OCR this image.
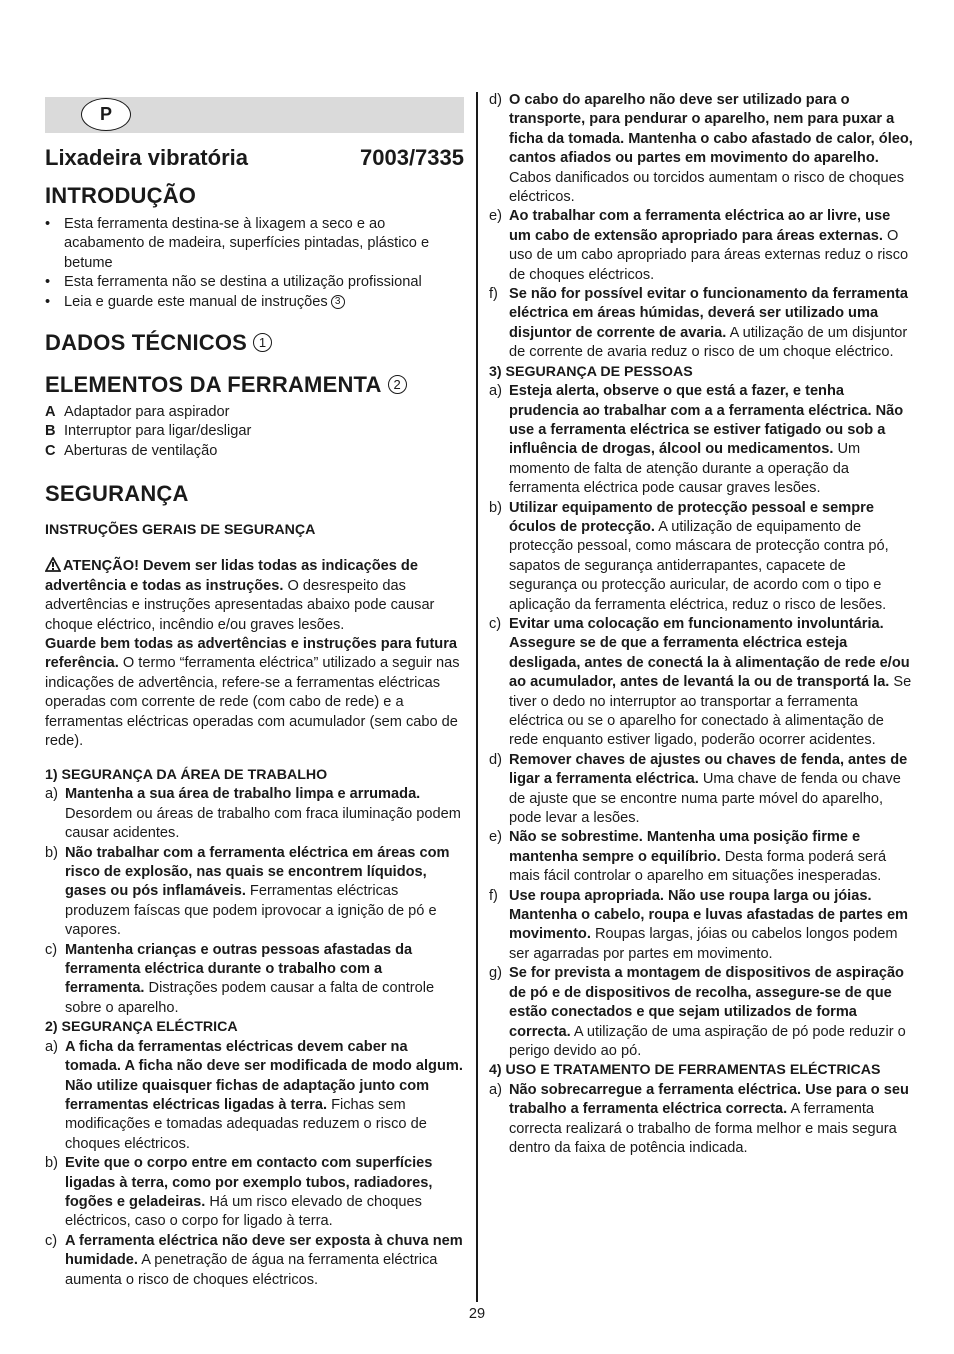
P
Lixadeira vibratória	7003/7335
INTRODUÇÃO
• Esta ferramenta destina-se à lixagem a seco e ao acabamento de madeira, superfícies pintadas, plástico e betume
• Esta ferramenta não se destina a utilização profissional
• Leia e guarde este manual de instruções 3
DADOS TÉCNICOS 1
ELEMENTOS DA FERRAMENTA 2
A Adaptador para aspirador
B Interruptor para ligar/desligar
C Aberturas de ventilação
SEGURANÇA
INSTRUÇÕES GERAIS DE SEGURANÇA
ATENÇÃO! Devem ser lidas todas as indicações de advertência e todas as instruções. O desrespeito das advertências e instruções apresentadas abaixo pode causar choque eléctrico, incêndio e/ou graves lesões.
Guarde bem todas as advertências e instruções para futura referência. O termo “ferramenta eléctrica” utilizado a seguir nas indicações de advertência, refere-se a ferramentas eléctricas operadas com corrente de rede (com cabo de rede) e a ferramentas eléctricas operadas com acumulador (sem cabo de rede).
1) SEGURANÇA DA ÁREA DE TRABALHO
a) Mantenha a sua área de trabalho limpa e arrumada. Desordem ou áreas de trabalho com fraca iluminação podem causar acidentes.
b) Não trabalhar com a ferramenta eléctrica em áreas com risco de explosão, nas quais se encontrem líquidos, gases ou pós inflamáveis. Ferramentas eléctricas produzem faíscas que podem iprovocar a ignição de pó e vapores.
c) Mantenha crianças e outras pessoas afastadas da ferramenta eléctrica durante o trabalho com a ferramenta. Distrações podem causar a falta de controle sobre o aparelho.
2) SEGURANÇA ELÉCTRICA
a) A ficha da ferramentas eléctricas devem caber na tomada. A ficha não deve ser modificada de modo algum. Não utilize quaisquer fichas de adaptação junto com ferramentas eléctricas ligadas à terra. Fichas sem modificações e tomadas adequadas reduzem o risco de choques eléctricos.
b) Evite que o corpo entre em contacto com superfícies ligadas à terra, como por exemplo tubos, radiadores, fogões e geladeiras. Há um risco elevado de choques eléctricos, caso o corpo for ligado à terra.
c) A ferramenta eléctrica não deve ser exposta à chuva nem humidade. A penetração de água na ferramenta eléctrica aumenta o risco de choques eléctricos.
d) O cabo do aparelho não deve ser utilizado para o transporte, para pendurar o aparelho, nem para puxar a ficha da tomada. Mantenha o cabo afastado de calor, óleo, cantos afiados ou partes em movimento do aparelho. Cabos danificados ou torcidos aumentam o risco de choques eléctricos.
e) Ao trabalhar com a ferramenta eléctrica ao ar livre, use um cabo de extensão apropriado para áreas externas. O uso de um cabo apropriado para áreas externas reduz o risco de choques eléctricos.
f) Se não for possível evitar o funcionamento da ferramenta eléctrica em áreas húmidas, deverá ser utilizado uma disjuntor de corrente de avaria. A utilização de um disjuntor de corrente de avaria reduz o risco de um choque eléctrico.
3) SEGURANÇA DE PESSOAS
a) Esteja alerta, observe o que está a fazer, e tenha prudencia ao trabalhar com a a ferramenta eléctrica. Não use a ferramenta eléctrica se estiver fatigado ou sob a influência de drogas, álcool ou medicamentos. Um momento de falta de atenção durante a operação da ferramenta eléctrica pode causar graves lesões.
b) Utilizar equipamento de protecção pessoal e sempre óculos de protecção. A utilização de equipamento de protecção pessoal, como máscara de protecção contra pó, sapatos de segurança antiderrapantes, capacete de segurança ou protecção auricular, de acordo com o tipo e aplicação da ferramenta eléctrica, reduz o risco de lesões.
c) Evitar uma colocação em funcionamento involuntária. Assegure se de que a ferramenta eléctrica esteja desligada, antes de conectá la à alimentação de rede e/ou ao acumulador, antes de levantá la ou de transportá la. Se tiver o dedo no interruptor ao transportar a ferramenta eléctrica ou se o aparelho for conectado à alimentação de rede enquanto estiver ligado, poderão ocorrer acidentes.
d) Remover chaves de ajustes ou chaves de fenda, antes de ligar a ferramenta eléctrica. Uma chave de fenda ou chave de ajuste que se encontre numa parte móvel do aparelho, pode levar a lesões.
e) Não se sobrestime. Mantenha uma posição firme e mantenha sempre o equilíbrio. Desta forma poderá será mais fácil controlar o aparelho em situações inesperadas.
f) Use roupa apropriada. Não use roupa larga ou jóias. Mantenha o cabelo, roupa e luvas afastadas de partes em movimento. Roupas largas, jóias ou cabelos longos podem ser agarradas por partes em movimento.
g) Se for prevista a montagem de dispositivos de aspiração de pó e de dispositivos de recolha, assegure-se de que estão conectados e que sejam utilizados de forma correcta. A utilização de uma aspiração de pó pode reduzir o perigo devido ao pó.
4) USO E TRATAMENTO DE FERRAMENTAS ELÉCTRICAS
a) Não sobrecarregue a ferramenta eléctrica. Use para o seu trabalho a ferramenta eléctrica correcta. A ferramenta correcta realizará o trabalho de forma melhor e mais segura dentro da faixa de potência indicada.
29
